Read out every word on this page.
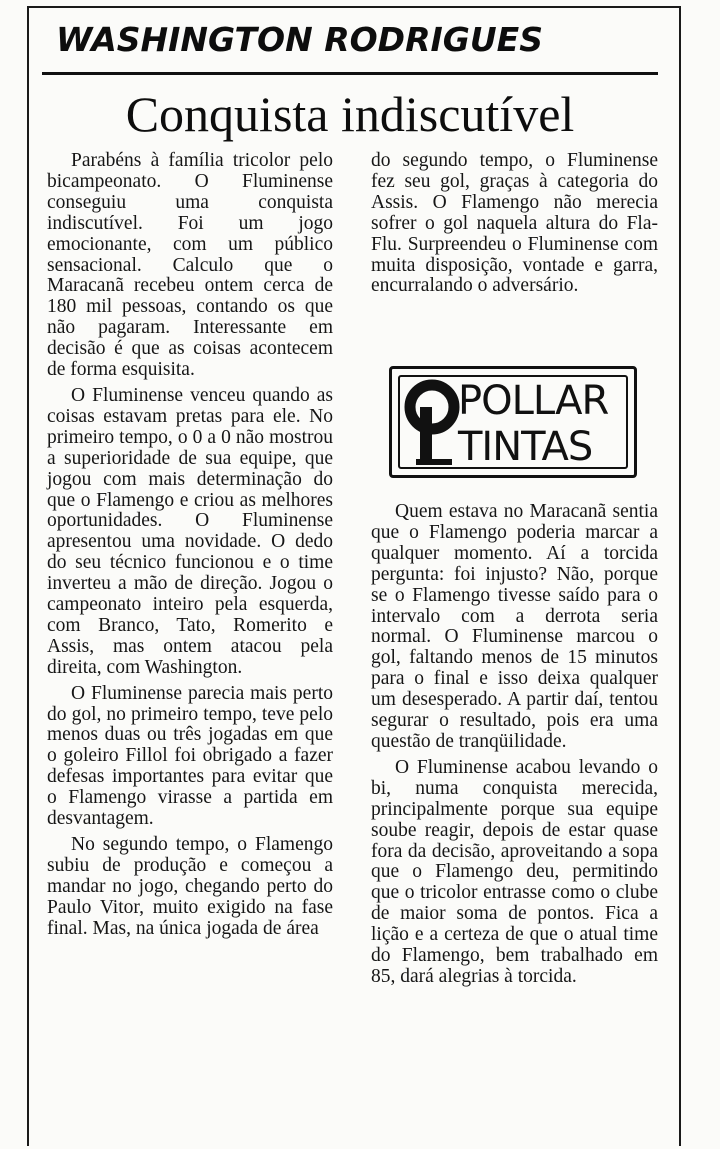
WASHINGTON RODRIGUES
Conquista indiscutível

Parabéns à família tricolor pelo bicampeonato. O Fluminense conseguiu uma conquista indiscutível. Foi um jogo emocionante, com um público sensacional. Calculo que o Maracanã recebeu ontem cerca de 180 mil pessoas, contando os que não pagaram. Interessante em decisão é que as coisas acontecem de forma esquisita.

O Fluminense venceu quando as coisas estavam pretas para ele. No primeiro tempo, o 0 a 0 não mostrou a superioridade de sua equipe, que jogou com mais determinação do que o Flamengo e criou as melhores oportunidades. O Fluminense apresentou uma novidade. O dedo do seu técnico funcionou e o time inverteu a mão de direção. Jogou o campeonato inteiro pela esquerda, com Branco, Tato, Romerito e Assis, mas ontem atacou pela direita, com Washington.

O Fluminense parecia mais perto do gol, no primeiro tempo, teve pelo menos duas ou três jogadas em que o goleiro Fillol foi obrigado a fazer defesas importantes para evitar que o Flamengo virasse a partida em desvantagem.

No segundo tempo, o Flamengo subiu de produção e começou a mandar no jogo, chegando perto do Paulo Vitor, muito exigido na fase final. Mas, na única jogada de área

do segundo tempo, o Fluminense fez seu gol, graças à categoria do Assis. O Flamengo não merecia sofrer o gol naquela altura do Fla-Flu. Surpreendeu o Fluminense com muita disposição, vontade e garra, encurralando o adversário.

POLLAR
TINTAS

Quem estava no Maracanã sentia que o Flamengo poderia marcar a qualquer momento. Aí a torcida pergunta: foi injusto? Não, porque se o Flamengo tivesse saído para o intervalo com a derrota seria normal. O Fluminense marcou o gol, faltando menos de 15 minutos para o final e isso deixa qualquer um desesperado. A partir daí, tentou segurar o resultado, pois era uma questão de tranqüilidade.

O Fluminense acabou levando o bi, numa conquista merecida, principalmente porque sua equipe soube reagir, depois de estar quase fora da decisão, aproveitando a sopa que o Flamengo deu, permitindo que o tricolor entrasse como o clube de maior soma de pontos. Fica a lição e a certeza de que o atual time do Flamengo, bem trabalhado em 85, dará alegrias à torcida.
